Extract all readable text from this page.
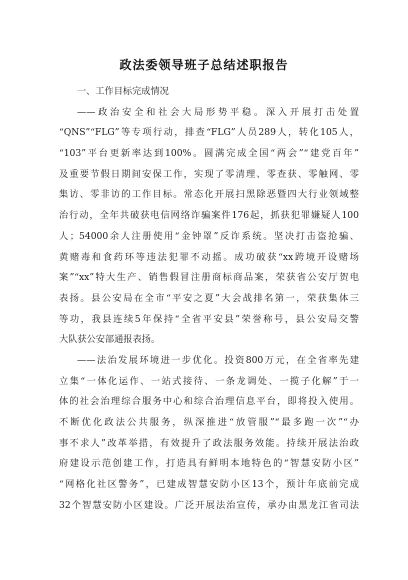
政法委领导班子总结述职报告
一、工作目标完成情况
——政治安全和社会大局形势平稳。深入开展打击处置
“QNS”“FLG”等专项行动，排查“FLG”人员289人，转化105人，
“103”平台更新率达到100%。圆满完成全国“两会”“建党百年”
及重要节假日期间安保工作，实现了零清理、零查获、零触网、零
集访、零非访的工作目标。常态化开展扫黑除恶暨四大行业领域整
治行动，全年共破获电信网络诈骗案件176起，抓获犯罪嫌疑人100
人；54000余人注册使用“金钟罩”反诈系统。坚决打击盗抢骗、
黄赌毒和食药环等违法犯罪不动摇。成功破获“xx跨境开设赌场
案”“xx”特大生产、销售假冒注册商标商品案，荣获省公安厅贺电
表扬。县公安局在全市“平安之夏”大会战排名第一，荣获集体三
等功，我县连续5年保持“全省平安县”荣誉称号，县公安局交警
大队获公安部通报表扬。
——法治发展环境进一步优化。投资800万元，在全省率先建
立集“一体化运作、一站式接待、一条龙调处、一揽子化解”于一
体的社会治理综合服务中心和综合治理信息平台，即将投入使用。
不断优化政法公共服务，纵深推进“放管服”“最多跑一次”“办
事不求人”改革举措，有效提升了政法服务效能。持续开展法治政
府建设示范创建工作，打造具有鲜明本地特色的“智慧安防小区”
“网格化社区警务”，已建成智慧安防小区13个，预计年底前完成
32个智慧安防小区建设。广泛开展法治宣传，承办由黑龙江省司法
